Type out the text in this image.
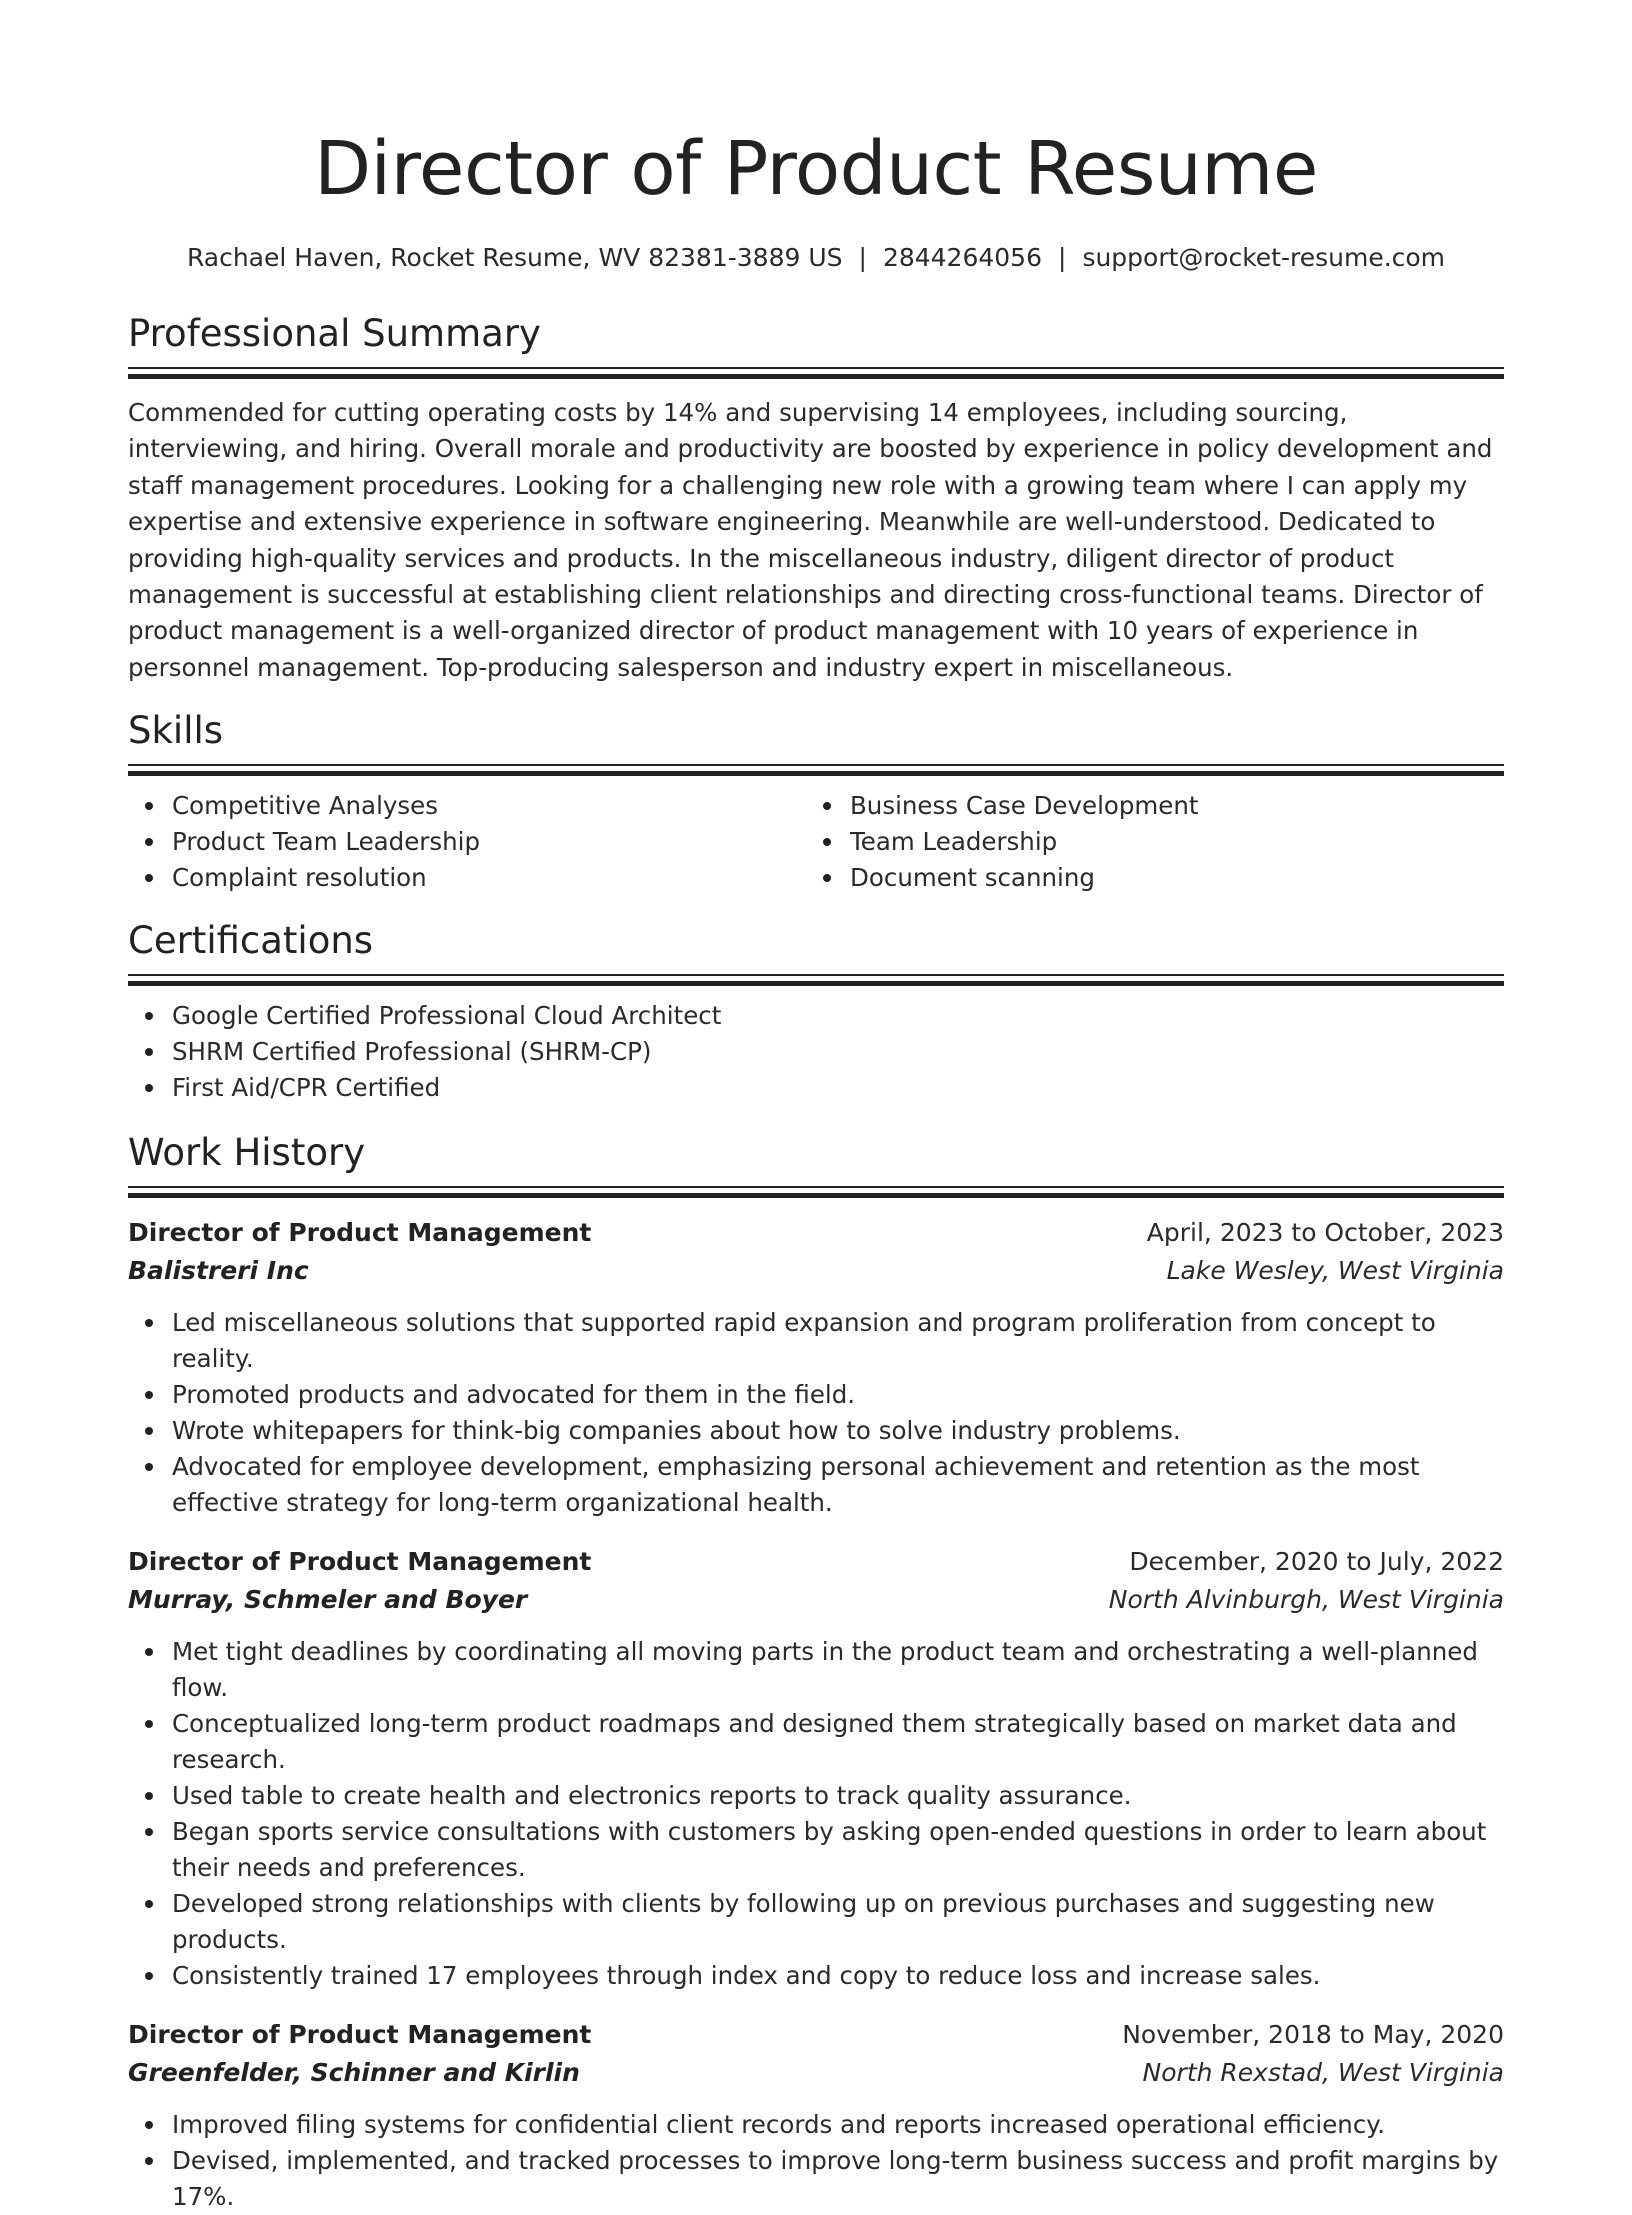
Director of Product Resume
Rachael Haven, Rocket Resume, WV 82381-3889 US | 2844264056 | support@rocket-resume.com
Professional Summary

Commended for cutting operating costs by 14% and supervising 14 employees, including sourcing, interviewing, and hiring. Overall morale and productivity are boosted by experience in policy development and staff management procedures. Looking for a challenging new role with a growing team where I can apply my expertise and extensive experience in software engineering. Meanwhile are well-understood. Dedicated to providing high-quality services and products. In the miscellaneous industry, diligent director of product management is successful at establishing client relationships and directing cross-functional teams. Director of product management is a well-organized director of product management with 10 years of experience in personnel management. Top-producing salesperson and industry expert in miscellaneous.

Skills
Competitive Analyses
Product Team Leadership
Complaint resolution
Business Case Development
Team Leadership
Document scanning
Certifications
Google Certified Professional Cloud Architect
SHRM Certified Professional (SHRM-CP)
First Aid/CPR Certified
Work History
Director of Product Management	April, 2023 to October, 2023
Balistreri Inc	Lake Wesley, West Virginia
Led miscellaneous solutions that supported rapid expansion and program proliferation from concept to reality.
Promoted products and advocated for them in the field.
Wrote whitepapers for think-big companies about how to solve industry problems.
Advocated for employee development, emphasizing personal achievement and retention as the most effective strategy for long-term organizational health.
Director of Product Management	December, 2020 to July, 2022
Murray, Schmeler and Boyer	North Alvinburgh, West Virginia
Met tight deadlines by coordinating all moving parts in the product team and orchestrating a well-planned flow.
Conceptualized long-term product roadmaps and designed them strategically based on market data and research.
Used table to create health and electronics reports to track quality assurance.
Began sports service consultations with customers by asking open-ended questions in order to learn about their needs and preferences.
Developed strong relationships with clients by following up on previous purchases and suggesting new products.
Consistently trained 17 employees through index and copy to reduce loss and increase sales.
Director of Product Management	November, 2018 to May, 2020
Greenfelder, Schinner and Kirlin	North Rexstad, West Virginia
Improved filing systems for confidential client records and reports increased operational efficiency.
Devised, implemented, and tracked processes to improve long-term business success and profit margins by 17%.
